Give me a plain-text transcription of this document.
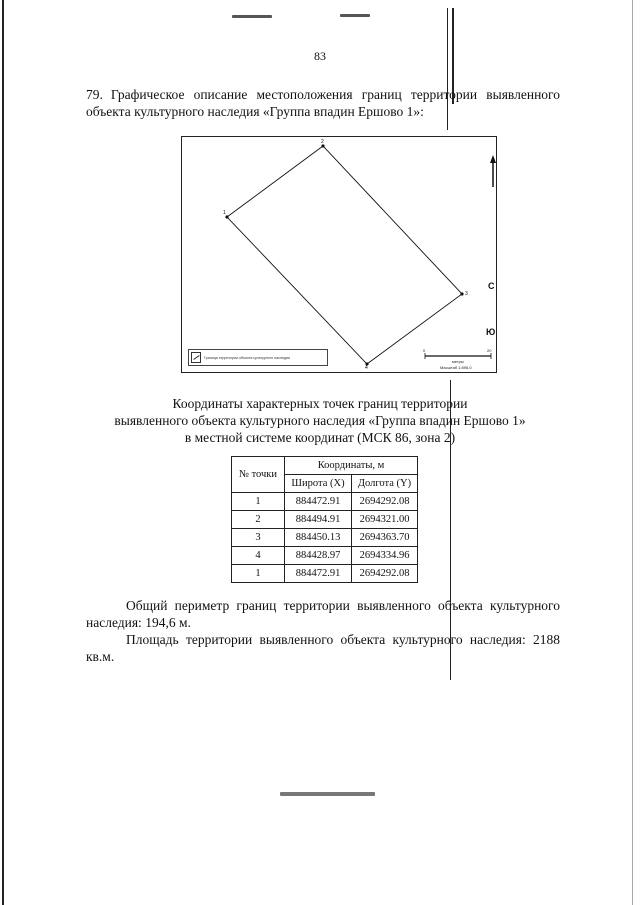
83
79. Графическое описание местоположения границ территории выявленного объекта культурного наследия «Группа впадин Ершово 1»:
1
2
3
4
С
Ю
0	20
метры
Масштаб 1:896.0
Граница территории объекта культурного наследия
Координаты характерных точек границ территории
выявленного объекта культурного наследия «Группа впадин Ершово 1»
в местной системе координат (МСК 86, зона 2)
№ точки	Координаты, м	
	Широта (X)	Долгота (Y)
1	884472.91	2694292.08
2	884494.91	2694321.00
3	884450.13	2694363.70
4	884428.97	2694334.96
1	884472.91	2694292.08
Общий периметр границ территории выявленного объекта культурного наследия: 194,6 м.
Площадь территории выявленного объекта культурного наследия: 2188 кв.м.
